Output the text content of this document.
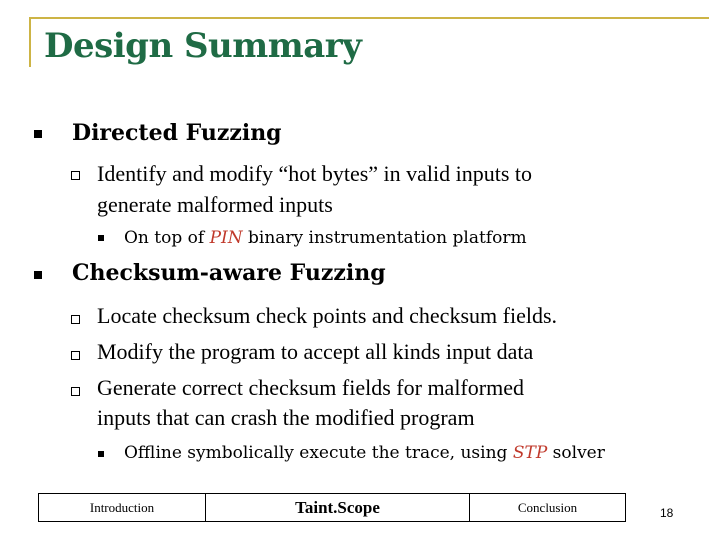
Design Summary
Directed Fuzzing
Identify and modify “hot bytes” in valid inputs to
generate malformed inputs
On top of PIN binary instrumentation platform
Checksum-aware Fuzzing
Locate checksum check points and checksum fields.
Modify the program to accept all kinds input data
Generate correct checksum fields for malformed
inputs that can crash the modified program
Offline symbolically execute the trace, using STP solver
Introduction	Taint.Scope	Conclusion	18
